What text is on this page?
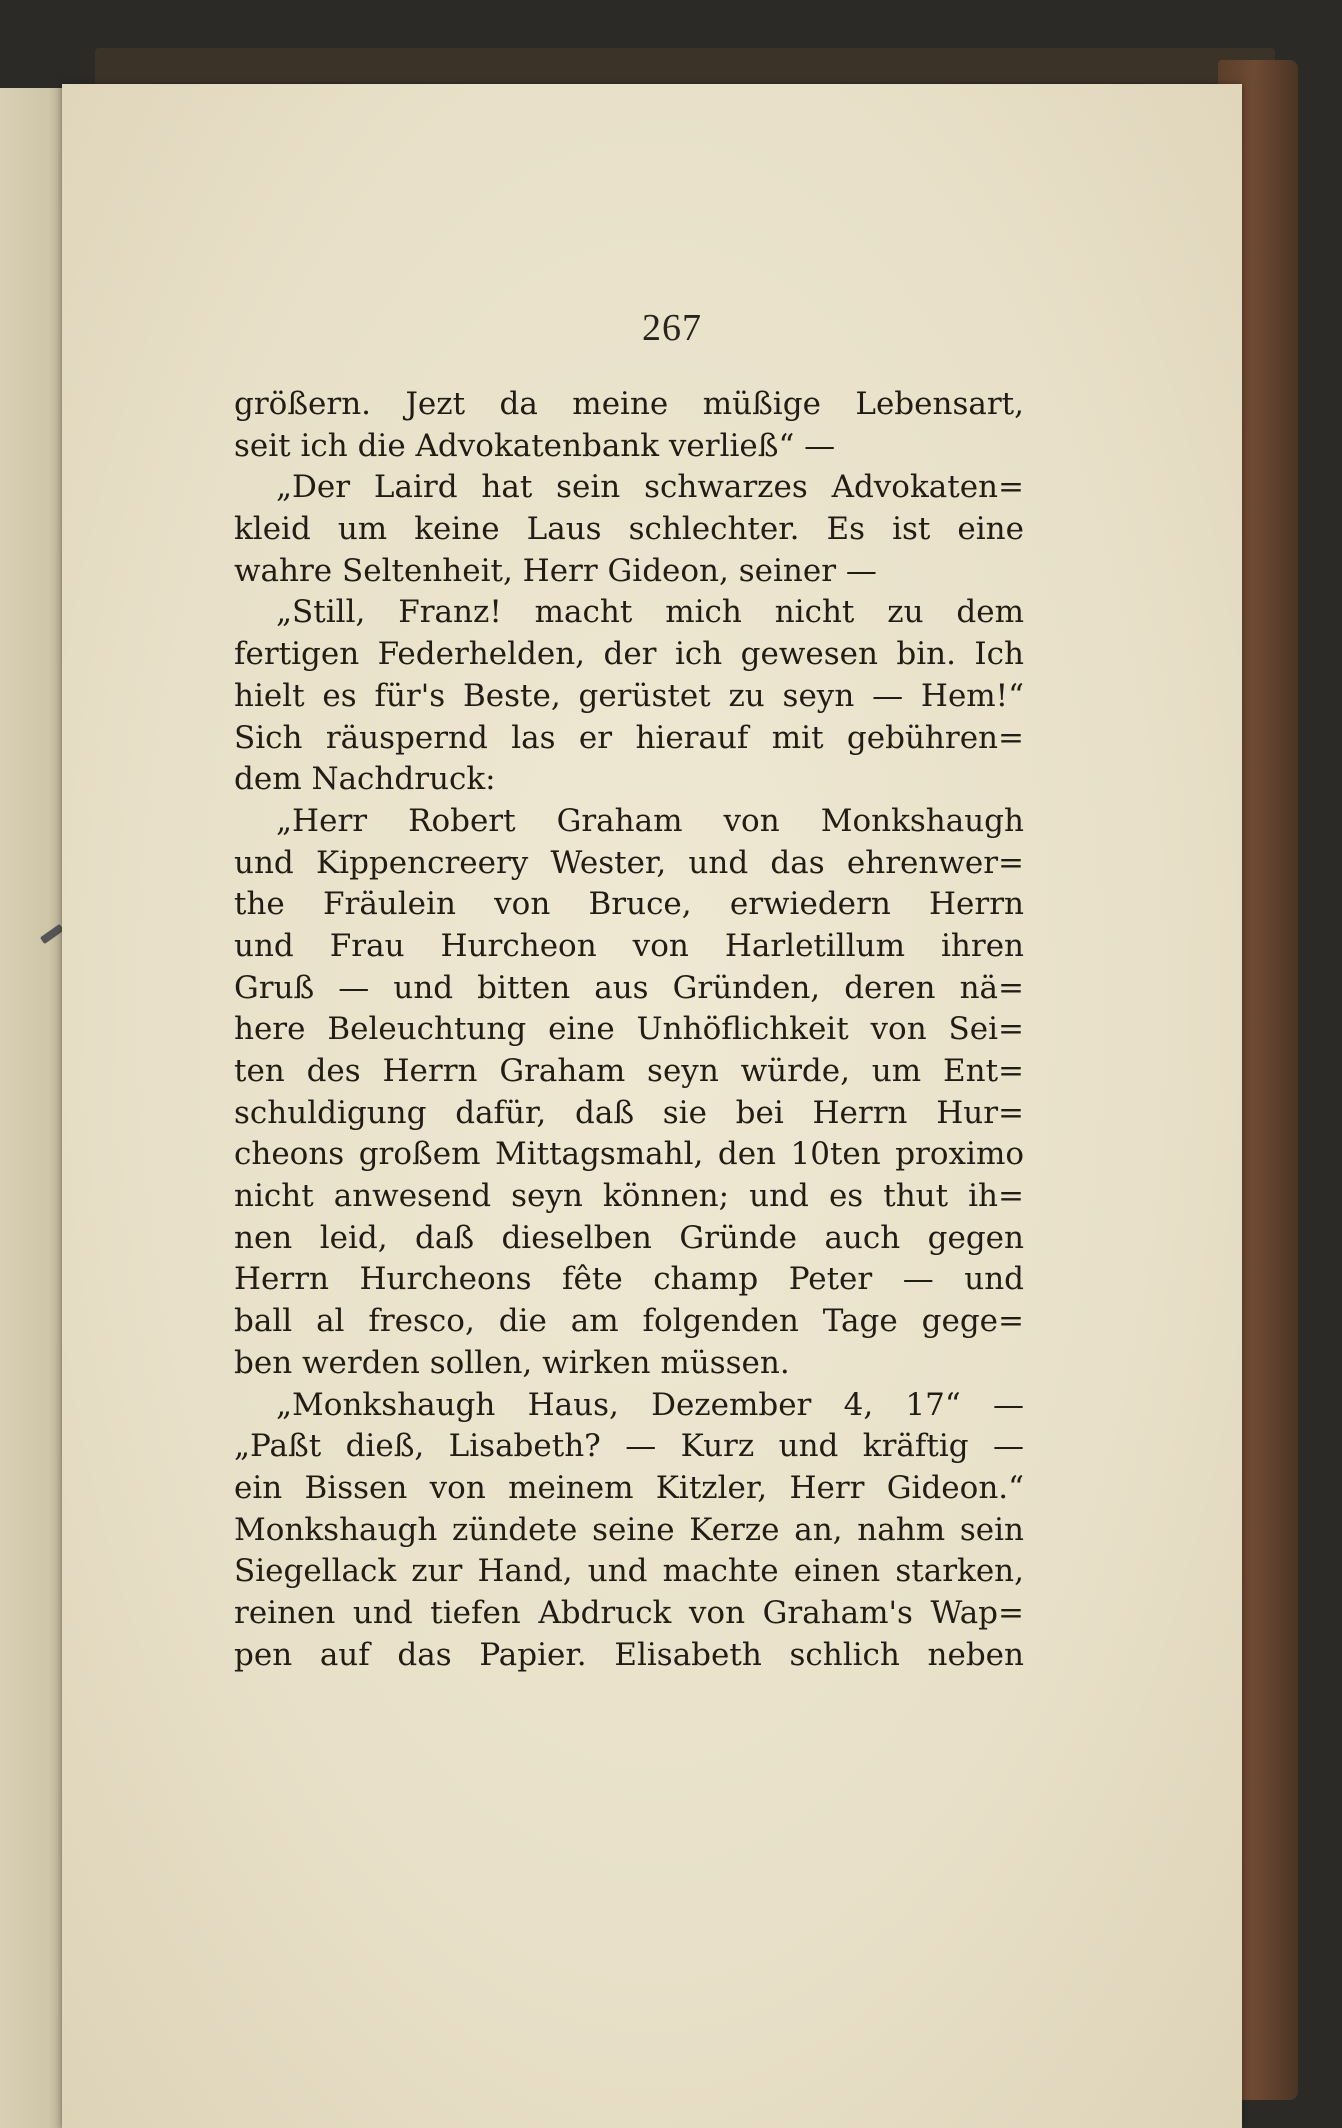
267
größern. Jezt da meine müßige Lebensart,
seit ich die Advokatenbank verließ“ —
„Der Laird hat sein schwarzes Advokaten=
kleid um keine Laus schlechter. Es ist eine
wahre Seltenheit, Herr Gideon, seiner —
„Still, Franz! macht mich nicht zu dem
fertigen Federhelden, der ich gewesen bin. Ich
hielt es für's Beste, gerüstet zu seyn — Hem!“
Sich räuspernd las er hierauf mit gebühren=
dem Nachdruck:
„Herr Robert Graham von Monkshaugh
und Kippencreery Wester, und das ehrenwer=
the Fräulein von Bruce, erwiedern Herrn
und Frau Hurcheon von Harletillum ihren
Gruß — und bitten aus Gründen, deren nä=
here Beleuchtung eine Unhöflichkeit von Sei=
ten des Herrn Graham seyn würde, um Ent=
schuldigung dafür, daß sie bei Herrn Hur=
cheons großem Mittagsmahl, den 10ten proximo
nicht anwesend seyn können; und es thut ih=
nen leid, daß dieselben Gründe auch gegen
Herrn Hurcheons fête champ Peter — und
ball al fresco, die am folgenden Tage gege=
ben werden sollen, wirken müssen.
„Monkshaugh Haus, Dezember 4, 17“ —
„Paßt dieß, Lisabeth? — Kurz und kräftig —
ein Bissen von meinem Kitzler, Herr Gideon.“
Monkshaugh zündete seine Kerze an, nahm sein
Siegellack zur Hand, und machte einen starken,
reinen und tiefen Abdruck von Graham's Wap=
pen auf das Papier. Elisabeth schlich neben
